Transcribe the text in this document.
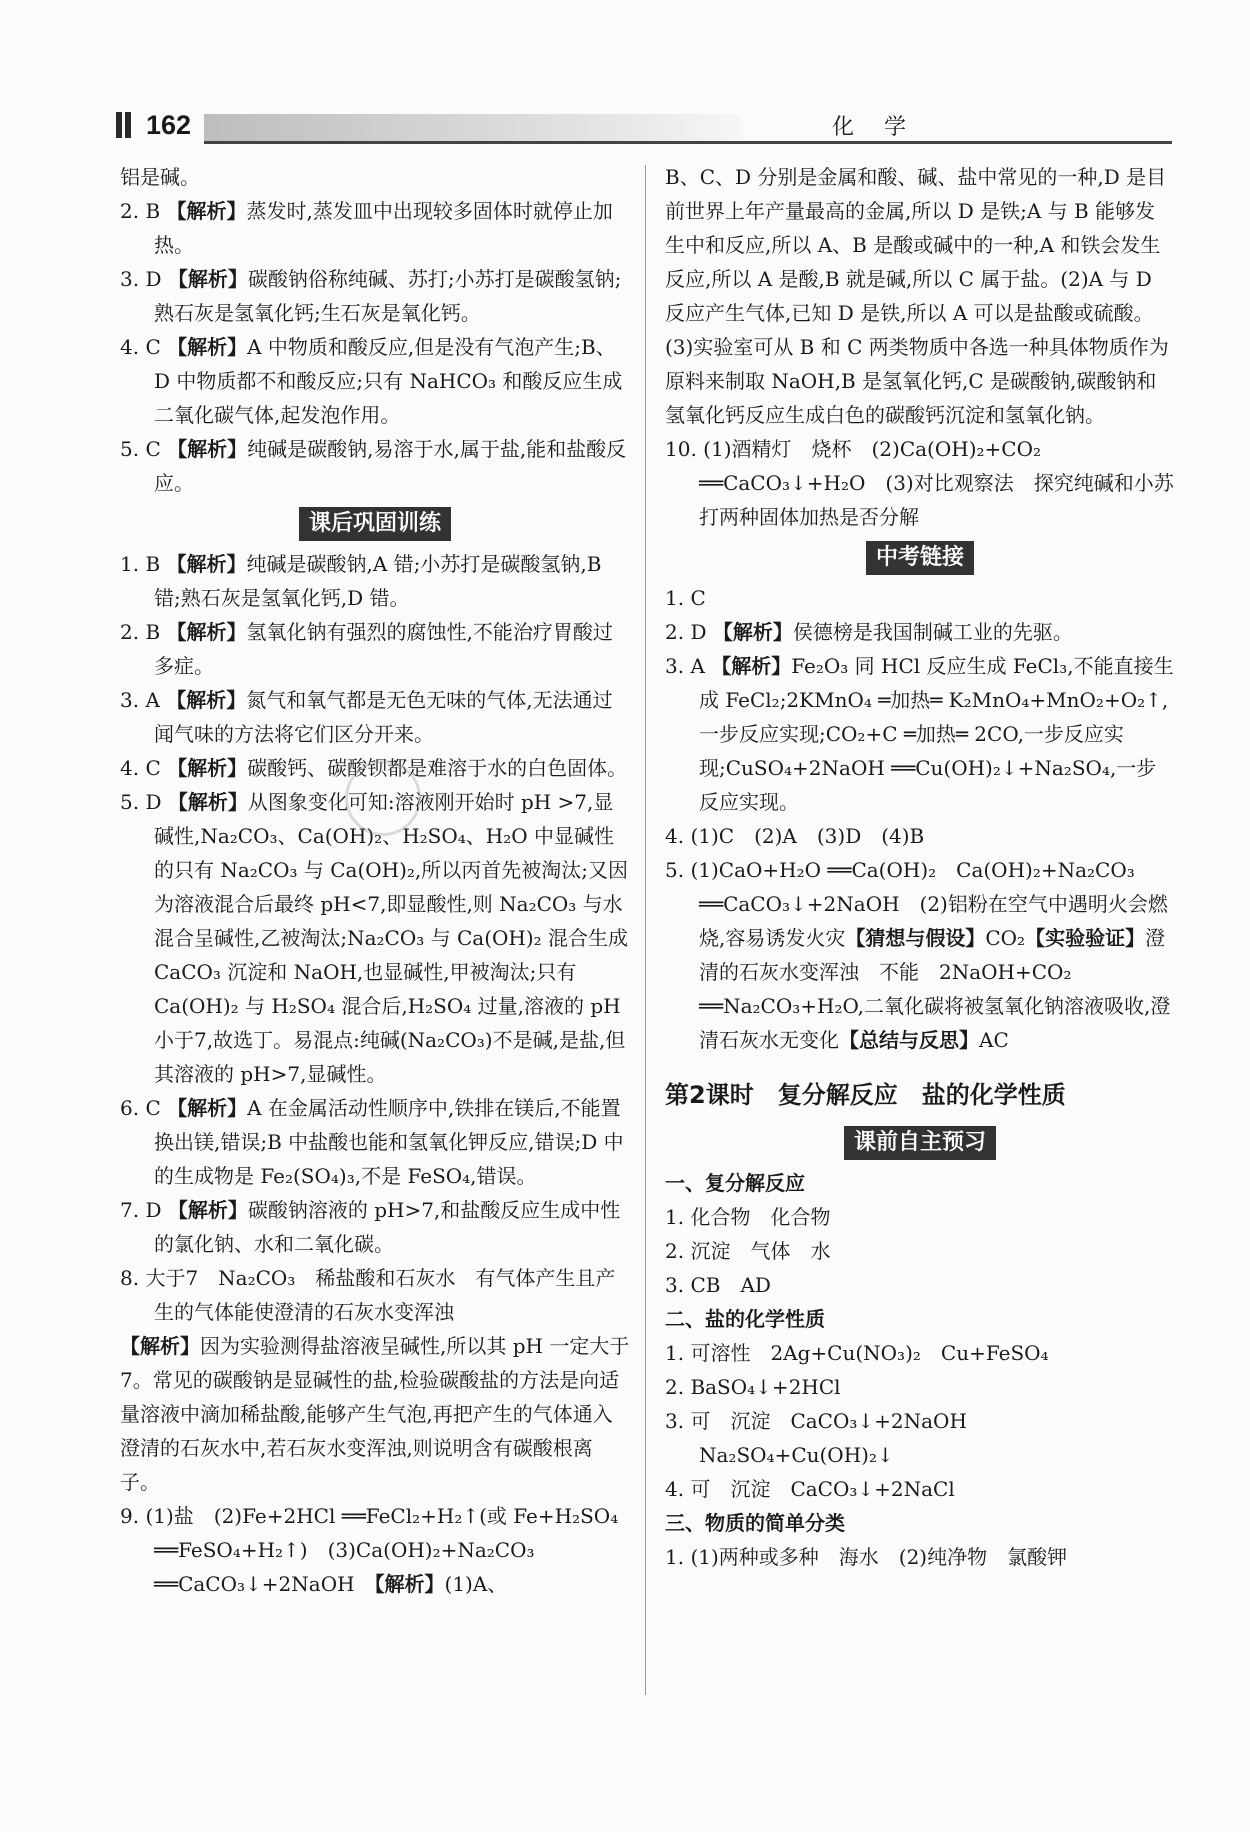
162	化学

铝是碱。

2. B 【解析】蒸发时,蒸发皿中出现较多固体时就停止加热。

3. D 【解析】碳酸钠俗称纯碱、苏打;小苏打是碳酸氢钠;熟石灰是氢氧化钙;生石灰是氧化钙。

4. C 【解析】A 中物质和酸反应,但是没有气泡产生;B、D 中物质都不和酸反应;只有 NaHCO₃ 和酸反应生成二氧化碳气体,起发泡作用。

5. C 【解析】纯碱是碳酸钠,易溶于水,属于盐,能和盐酸反应。

课后巩固训练

1. B 【解析】纯碱是碳酸钠,A 错;小苏打是碳酸氢钠,B 错;熟石灰是氢氧化钙,D 错。

2. B 【解析】氢氧化钠有强烈的腐蚀性,不能治疗胃酸过多症。

3. A 【解析】氮气和氧气都是无色无味的气体,无法通过闻气味的方法将它们区分开来。

4. C 【解析】碳酸钙、碳酸钡都是难溶于水的白色固体。

5. D 【解析】从图象变化可知:溶液刚开始时 pH >7,显碱性,Na₂CO₃、Ca(OH)₂、H₂SO₄、H₂O 中显碱性的只有 Na₂CO₃ 与 Ca(OH)₂,所以丙首先被淘汰;又因为溶液混合后最终 pH<7,即显酸性,则 Na₂CO₃ 与水混合呈碱性,乙被淘汰;Na₂CO₃ 与 Ca(OH)₂ 混合生成 CaCO₃ 沉淀和 NaOH,也显碱性,甲被淘汰;只有 Ca(OH)₂ 与 H₂SO₄ 混合后,H₂SO₄ 过量,溶液的 pH 小于7,故选丁。易混点:纯碱(Na₂CO₃)不是碱,是盐,但其溶液的 pH>7,显碱性。

6. C 【解析】A 在金属活动性顺序中,铁排在镁后,不能置换出镁,错误;B 中盐酸也能和氢氧化钾反应,错误;D 中的生成物是 Fe₂(SO₄)₃,不是 FeSO₄,错误。

7. D 【解析】碳酸钠溶液的 pH>7,和盐酸反应生成中性的氯化钠、水和二氧化碳。

8. 大于7　Na₂CO₃　稀盐酸和石灰水　有气体产生且产生的气体能使澄清的石灰水变浑浊

【解析】因为实验测得盐溶液呈碱性,所以其 pH 一定大于7。常见的碳酸钠是显碱性的盐,检验碳酸盐的方法是向适量溶液中滴加稀盐酸,能够产生气泡,再把产生的气体通入澄清的石灰水中,若石灰水变浑浊,则说明含有碳酸根离子。

9. (1)盐　(2)Fe+2HCl ══FeCl₂+H₂↑(或 Fe+H₂SO₄ ══FeSO₄+H₂↑)　(3)Ca(OH)₂+Na₂CO₃ ══CaCO₃↓+2NaOH　【解析】(1)A、

B、C、D 分别是金属和酸、碱、盐中常见的一种,D 是目前世界上年产量最高的金属,所以 D 是铁;A 与 B 能够发生中和反应,所以 A、B 是酸或碱中的一种,A 和铁会发生反应,所以 A 是酸,B 就是碱,所以 C 属于盐。(2)A 与 D 反应产生气体,已知 D 是铁,所以 A 可以是盐酸或硫酸。(3)实验室可从 B 和 C 两类物质中各选一种具体物质作为原料来制取 NaOH,B 是氢氧化钙,C 是碳酸钠,碳酸钠和氢氧化钙反应生成白色的碳酸钙沉淀和氢氧化钠。

10. (1)酒精灯　烧杯　(2)Ca(OH)₂+CO₂ ══CaCO₃↓+H₂O　(3)对比观察法　探究纯碱和小苏打两种固体加热是否分解

中考链接

1. C

2. D 【解析】侯德榜是我国制碱工业的先驱。

3. A 【解析】Fe₂O₃ 同 HCl 反应生成 FeCl₃,不能直接生成 FeCl₂;2KMnO₄ ═加热═ K₂MnO₄+MnO₂+O₂↑,一步反应实现;CO₂+C ═加热═ 2CO,一步反应实现;CuSO₄+2NaOH ══Cu(OH)₂↓+Na₂SO₄,一步反应实现。

4. (1)C　(2)A　(3)D　(4)B

5. (1)CaO+H₂O ══Ca(OH)₂　Ca(OH)₂+Na₂CO₃ ══CaCO₃↓+2NaOH　(2)铝粉在空气中遇明火会燃烧,容易诱发火灾【猜想与假设】CO₂【实验验证】澄清的石灰水变浑浊　不能　2NaOH+CO₂ ══Na₂CO₃+H₂O,二氧化碳将被氢氧化钠溶液吸收,澄清石灰水无变化【总结与反思】AC

第2课时　复分解反应　盐的化学性质
课前自主预习
一、复分解反应

1. 化合物　化合物

2. 沉淀　气体　水

3. CB　AD

二、盐的化学性质

1. 可溶性　2Ag+Cu(NO₃)₂　Cu+FeSO₄

2. BaSO₄↓+2HCl

3. 可　沉淀　CaCO₃↓+2NaOH　Na₂SO₄+Cu(OH)₂↓

4. 可　沉淀　CaCO₃↓+2NaCl

三、物质的简单分类

1. (1)两种或多种　海水　(2)纯净物　氯酸钾
